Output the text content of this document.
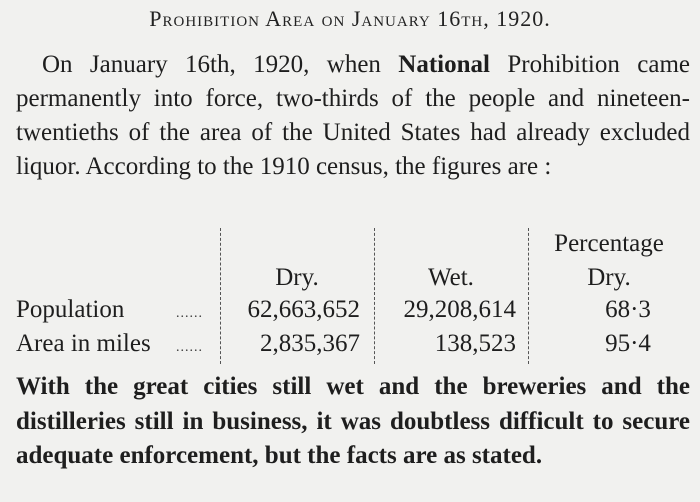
Prohibition Area on January 16th, 1920.

On January 16th, 1920, when National Prohibition came permanently into force, two-thirds of the people and nineteen-twentieths of the area of the United States had already excluded liquor. According to the 1910 census, the figures are :

Percentage
Dry.	Wet.	Dry.
Population	......	62,663,652	29,208,614	68·3
Area in miles ......	2,835,367	138,523	95·4

With the great cities still wet and the breweries and the distilleries still in business, it was doubtless difficult to secure adequate enforcement, but the facts are as stated.
